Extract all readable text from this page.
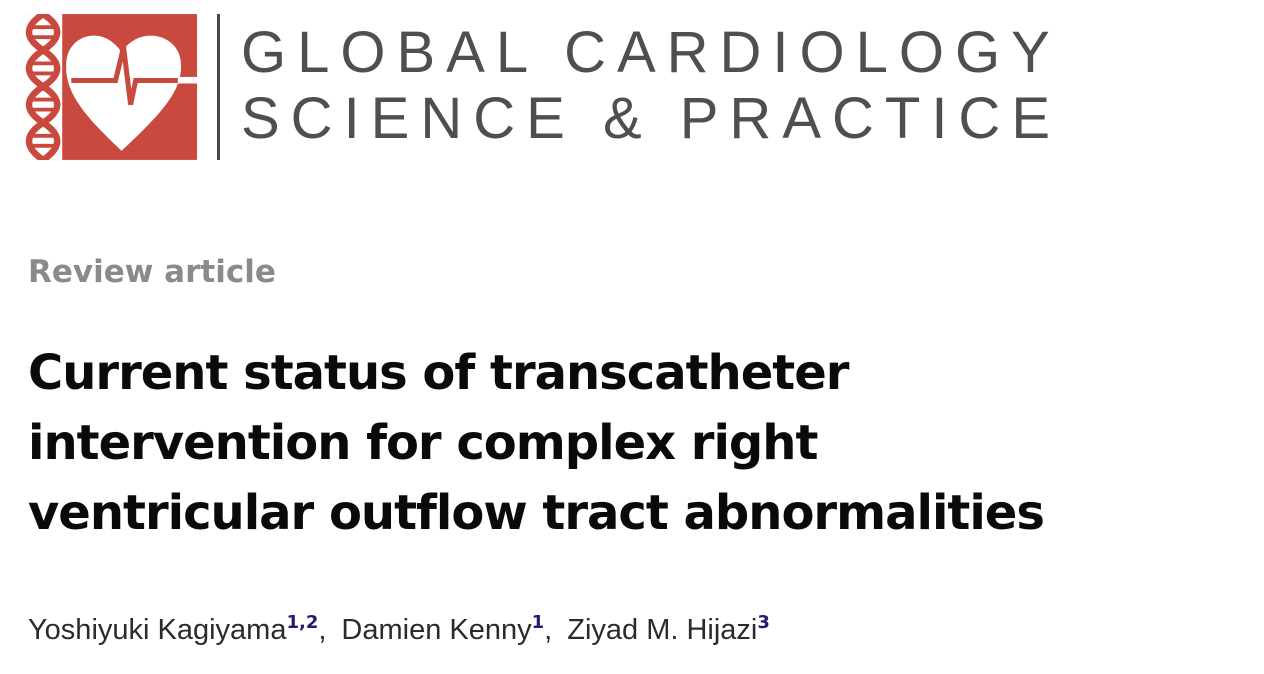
GLOBAL CARDIOLOGY
SCIENCE & PRACTICE
Review article
Current status of transcatheter
intervention for complex right
ventricular outflow tract abnormalities
Yoshiyuki Kagiyama$^{1,2}$, Damien Kenny$^1$, Ziyad M. Hijazi$^3$
